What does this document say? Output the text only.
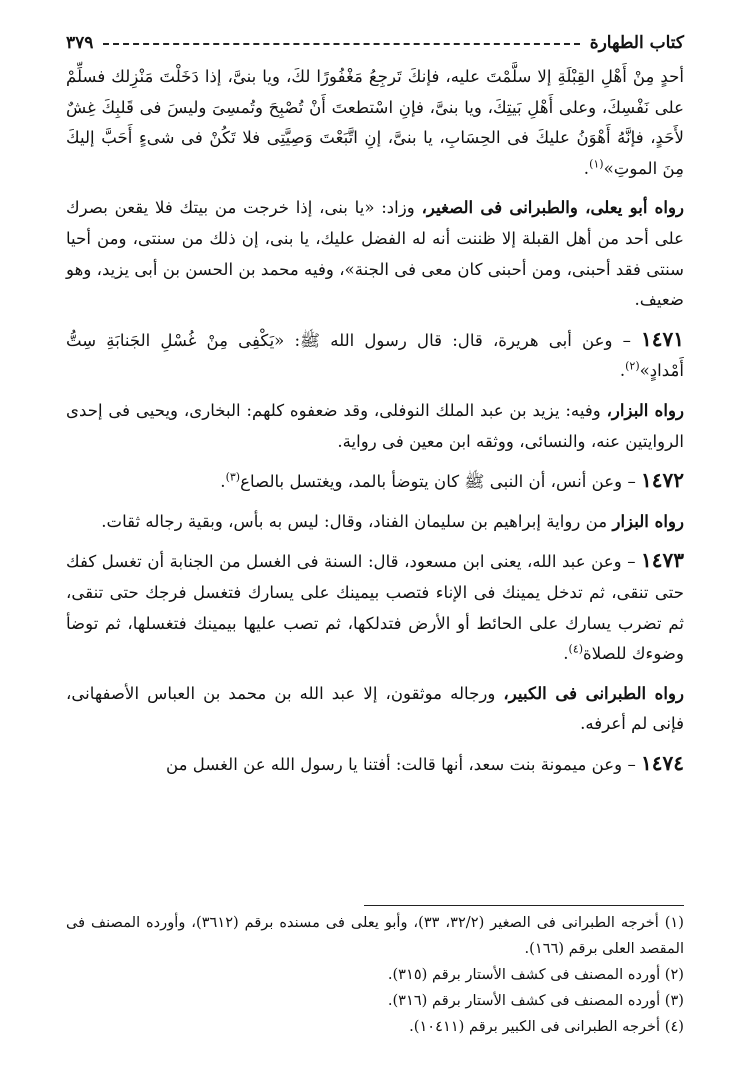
كتاب الطهارة
٣٧٩

أحدٍ مِنْ أَهْلِ القِبْلَةِ إلا سلَّمْتَ عليه، فإنكَ تَرجِعُ مَغْفُورًا لكَ، ويا بنىَّ، إذا دَخَلْتَ مَنْزِلك فسلِّمْ على نَفْسِكَ، وعلى أَهْلِ بَيتِكَ، ويا بنىَّ، فإنِ اسْتطعتَ أَنْ تُصْبِحَ وتُمسِىَ وليسَ فى قَلبِكَ غِشٌ لأَحَدٍ، فإنَّهُ أَهْوَنُ عليكَ فى الحِسَابِ، يا بنىَّ، إنِ اتَّبَعْتَ وَصِيَّتِى فلا تَكُنْ فى شىءٍ أَحَبَّ إليكَ مِنَ الموتِ»$^{(١)}$.

رواه أبو يعلى، والطبرانى فى الصغير، وزاد: «يا بنى، إذا خرجت من بيتك فلا يقعن بصرك على أحد من أهل القبلة إلا ظننت أنه له الفضل عليك، يا بنى، إن ذلك من سنتى، ومن أحيا سنتى فقد أحبنى، ومن أحبنى كان معى فى الجنة»، وفيه محمد بن الحسن بن أبى يزيد، وهو ضعيف.

١٤٧١ – وعن أبى هريرة، قال: قال رسول الله ﷺ: «يَكْفِى مِنْ غُسْلِ الجَنابَةِ سِتُّ أَمْدادٍ»$^{(٢)}$.

رواه البزار، وفيه: يزيد بن عبد الملك النوفلى، وقد ضعفوه كلهم: البخارى، ويحيى فى إحدى الروايتين عنه، والنسائى، ووثقه ابن معين فى رواية.

١٤٧٢ – وعن أنس، أن النبى ﷺ كان يتوضأ بالمد، ويغتسل بالصاع$^{(٣)}$.

رواه البزار من رواية إبراهيم بن سليمان الفناد، وقال: ليس به بأس، وبقية رجاله ثقات.

١٤٧٣ – وعن عبد الله، يعنى ابن مسعود، قال: السنة فى الغسل من الجنابة أن تغسل كفك حتى تنقى، ثم تدخل يمينك فى الإناء فتصب بيمينك على يسارك فتغسل فرجك حتى تنقى، ثم تضرب يسارك على الحائط أو الأرض فتدلكها، ثم تصب عليها بيمينك فتغسلها، ثم توضأ وضوءك للصلاة$^{(٤)}$.

رواه الطبرانى فى الكبير، ورجاله موثقون، إلا عبد الله بن محمد بن العباس الأصفهانى، فإنى لم أعرفه.

١٤٧٤ – وعن ميمونة بنت سعد، أنها قالت: أفتنا يا رسول الله عن الغسل من

(١) أخرجه الطبرانى فى الصغير (٣٢/٢، ٣٣)، وأبو يعلى فى مسنده برقم (٣٦١٢)، وأورده المصنف فى المقصد العلى برقم (١٦٦).

(٢) أورده المصنف فى كشف الأستار برقم (٣١٥).

(٣) أورده المصنف فى كشف الأستار برقم (٣١٦).

(٤) أخرجه الطبرانى فى الكبير برقم (١٠٤١١).
